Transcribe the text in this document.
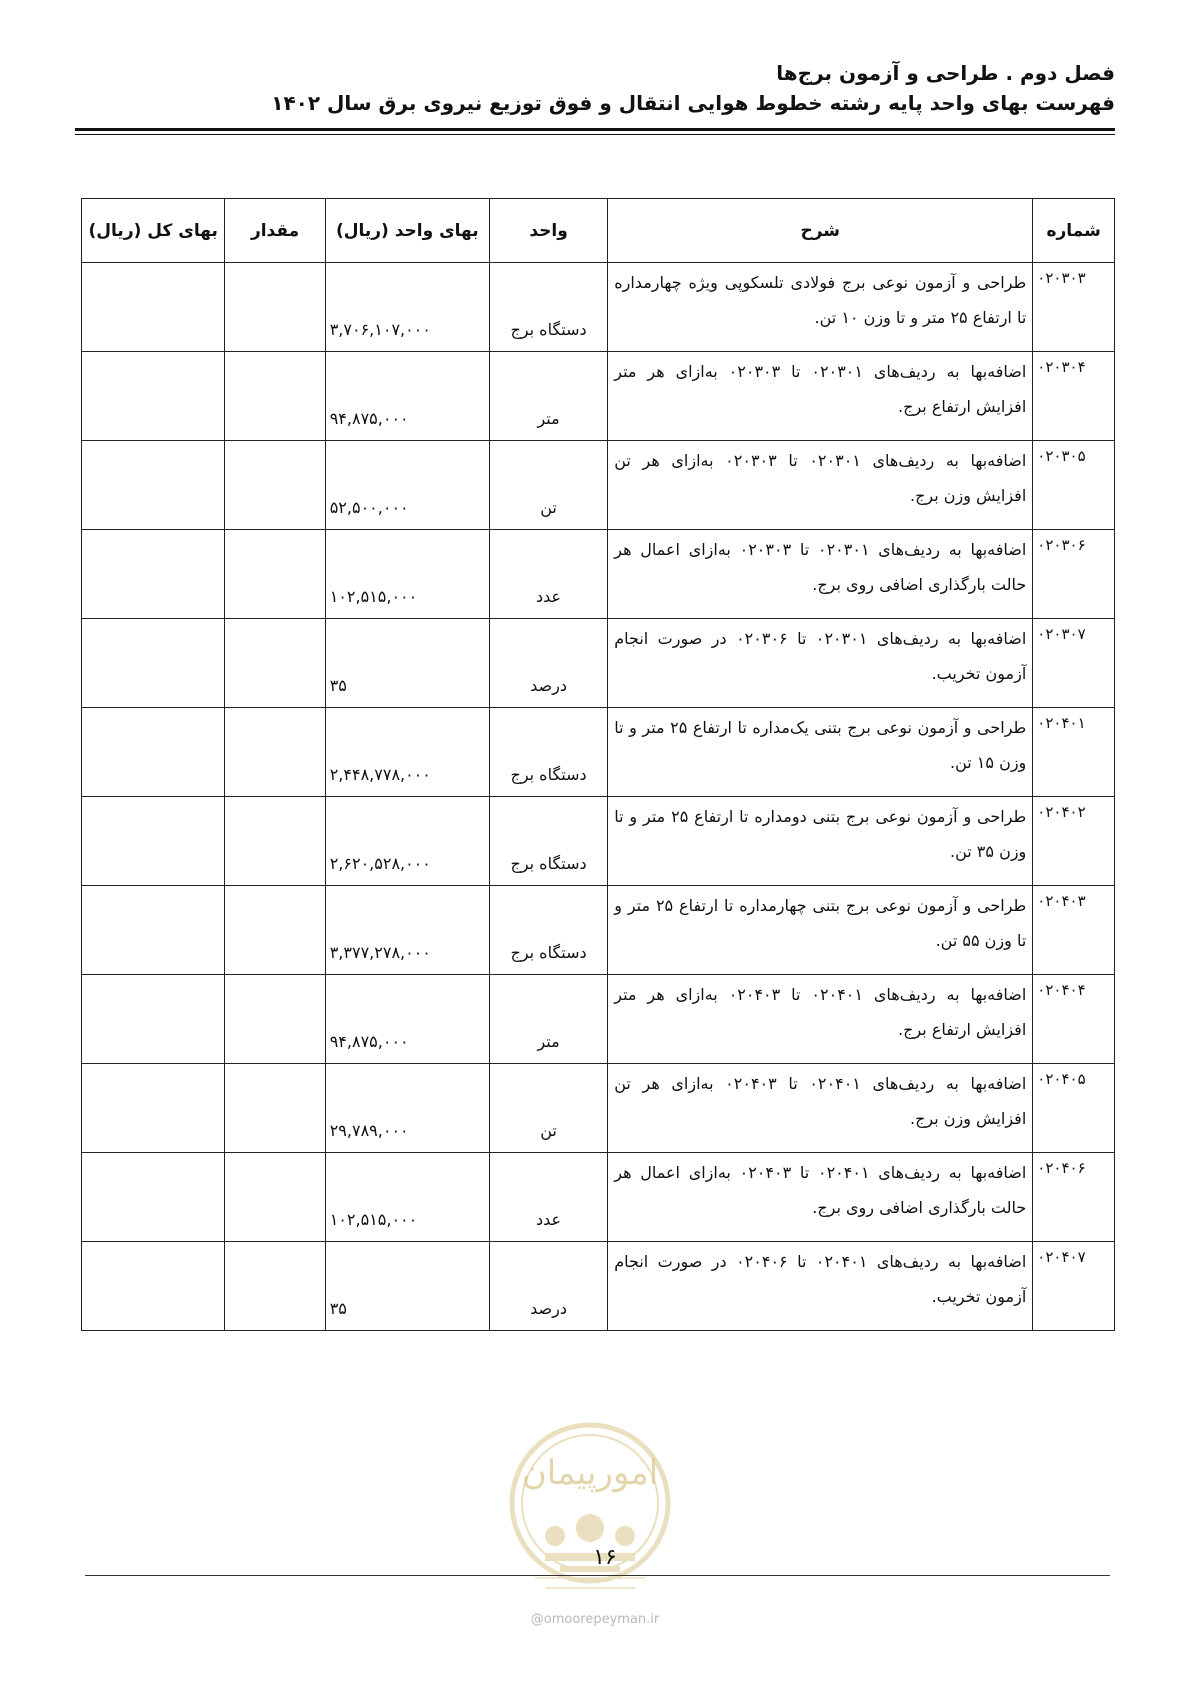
فصل دوم . طراحی و آزمون برج‌ها
فهرست بهای واحد پایه رشته خطوط هوایی انتقال و فوق توزیع نیروی برق سال ۱۴۰۲
شماره	شرح	واحد	بهای واحد (ریال)	مقدار	بهای کل (ریال)
۰۲۰۳۰۳	طراحی و آزمون نوعی برج فولادی تلسکوپی ویژه چهارمداره تا ارتفاع ۲۵ متر و تا وزن ۱۰ تن.	دستگاه برج	۳,۷۰۶,۱۰۷,۰۰۰		
۰۲۰۳۰۴	اضافه‌بها به ردیف‌های ۰۲۰۳۰۱ تا ۰۲۰۳۰۳ به‌ازای هر متر افزایش ارتفاع برج.	متر	۹۴,۸۷۵,۰۰۰		
۰۲۰۳۰۵	اضافه‌بها به ردیف‌های ۰۲۰۳۰۱ تا ۰۲۰۳۰۳ به‌ازای هر تن افزایش وزن برج.	تن	۵۲,۵۰۰,۰۰۰		
۰۲۰۳۰۶	اضافه‌بها به ردیف‌های ۰۲۰۳۰۱ تا ۰۲۰۳۰۳ به‌ازای اعمال هر حالت بارگذاری اضافی روی برج.	عدد	۱۰۲,۵۱۵,۰۰۰		
۰۲۰۳۰۷	اضافه‌بها به ردیف‌های ۰۲۰۳۰۱ تا ۰۲۰۳۰۶ در صورت انجام آزمون تخریب.	درصد	۳۵		
۰۲۰۴۰۱	طراحی و آزمون نوعی برج بتنی یک‌مداره تا ارتفاع ۲۵ متر و تا وزن ۱۵ تن.	دستگاه برج	۲,۴۴۸,۷۷۸,۰۰۰		
۰۲۰۴۰۲	طراحی و آزمون نوعی برج بتنی دومداره تا ارتفاع ۲۵ متر و تا وزن ۳۵ تن.	دستگاه برج	۲,۶۲۰,۵۲۸,۰۰۰		
۰۲۰۴۰۳	طراحی و آزمون نوعی برج بتنی چهارمداره تا ارتفاع ۲۵ متر و تا وزن ۵۵ تن.	دستگاه برج	۳,۳۷۷,۲۷۸,۰۰۰		
۰۲۰۴۰۴	اضافه‌بها به ردیف‌های ۰۲۰۴۰۱ تا ۰۲۰۴۰۳ به‌ازای هر متر افزایش ارتفاع برج.	متر	۹۴,۸۷۵,۰۰۰		
۰۲۰۴۰۵	اضافه‌بها به ردیف‌های ۰۲۰۴۰۱ تا ۰۲۰۴۰۳ به‌ازای هر تن افزایش وزن برج.	تن	۲۹,۷۸۹,۰۰۰		
۰۲۰۴۰۶	اضافه‌بها به ردیف‌های ۰۲۰۴۰۱ تا ۰۲۰۴۰۳ به‌ازای اعمال هر حالت بارگذاری اضافی روی برج.	عدد	۱۰۲,۵۱۵,۰۰۰		
۰۲۰۴۰۷	اضافه‌بها به ردیف‌های ۰۲۰۴۰۱ تا ۰۲۰۴۰۶ در صورت انجام آزمون تخریب.	درصد	۳۵		
امورپیمان
۱۶
@omoorepeyman.ir
